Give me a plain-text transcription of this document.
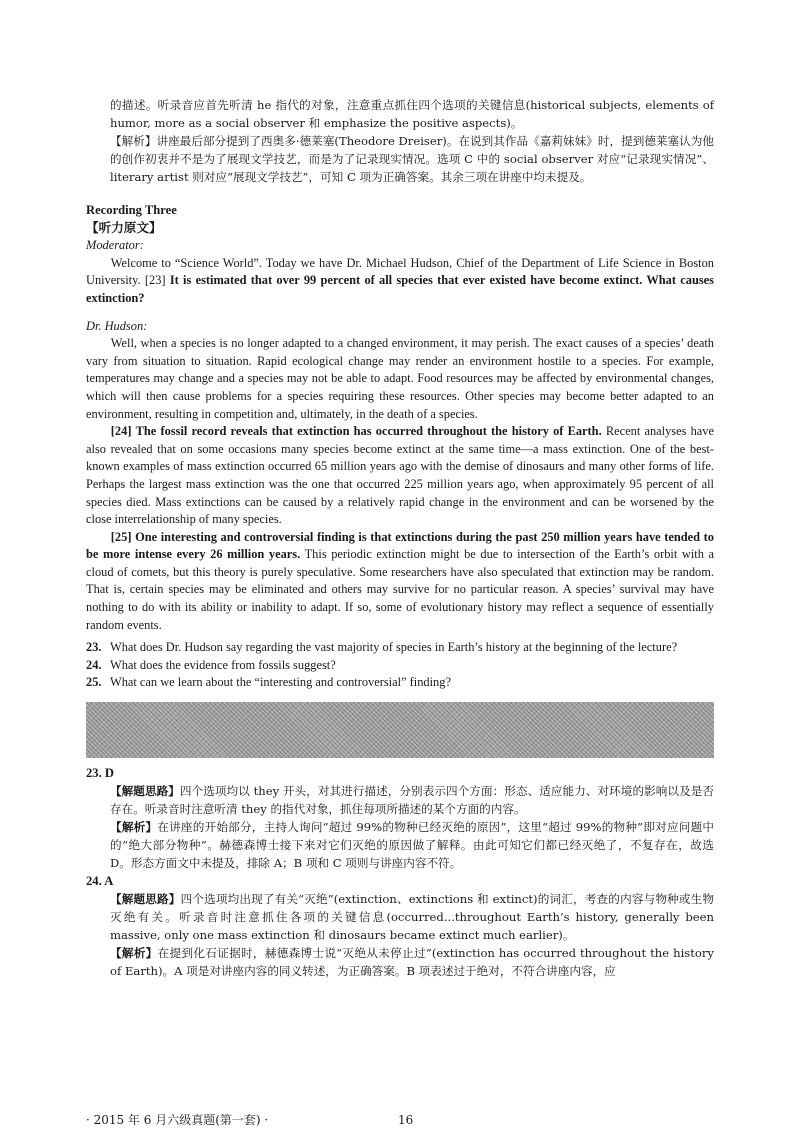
的描述。听录音应首先听清 he 指代的对象，注意重点抓住四个选项的关键信息(historical subjects, elements of humor, more as a social observer 和 emphasize the positive aspects)。

【解析】讲座最后部分提到了西奥多·德莱塞(Theodore Dreiser)。在说到其作品《嘉莉妹妹》时，提到德莱塞认为他的创作初衷并不是为了展现文学技艺，而是为了记录现实情况。选项 C 中的 social observer 对应“记录现实情况”、literary artist 则对应“展现文学技艺”，可知 C 项为正确答案。其余三项在讲座中均未提及。

Recording Three

【听力原文】

Moderator:

Welcome to “Science World”. Today we have Dr. Michael Hudson, Chief of the Department of Life Science in Boston University. [23] It is estimated that over 99 percent of all species that ever existed have become extinct. What causes extinction?

Dr. Hudson:

Well, when a species is no longer adapted to a changed environment, it may perish. The exact causes of a species’ death vary from situation to situation. Rapid ecological change may render an environment hostile to a species. For example, temperatures may change and a species may not be able to adapt. Food resources may be affected by environmental changes, which will then cause problems for a species requiring these resources. Other species may become better adapted to an environment, resulting in competition and, ultimately, in the death of a species.

[24] The fossil record reveals that extinction has occurred throughout the history of Earth. Recent analyses have also revealed that on some occasions many species become extinct at the same time—a mass extinction. One of the best-known examples of mass extinction occurred 65 million years ago with the demise of dinosaurs and many other forms of life. Perhaps the largest mass extinction was the one that occurred 225 million years ago, when approximately 95 percent of all species died. Mass extinctions can be caused by a relatively rapid change in the environment and can be worsened by the close interrelationship of many species.

[25] One interesting and controversial finding is that extinctions during the past 250 million years have tended to be more intense every 26 million years. This periodic extinction might be due to intersection of the Earth’s orbit with a cloud of comets, but this theory is purely speculative. Some researchers have also speculated that extinction may be random. That is, certain species may be eliminated and others may survive for no particular reason. A species’ survival may have nothing to do with its ability or inability to adapt. If so, some of evolutionary history may reflect a sequence of essentially random events.

23. What does Dr. Hudson say regarding the vast majority of species in Earth’s history at the beginning of the lecture?
24. What does the evidence from fossils suggest?
25. What can we learn about the “interesting and controversial” finding?

23. D

【解题思路】四个选项均以 they 开头，对其进行描述，分别表示四个方面：形态、适应能力、对环境的影响以及是否存在。听录音时注意听清 they 的指代对象，抓住每项所描述的某个方面的内容。

【解析】在讲座的开始部分，主持人询问“超过 99%的物种已经灭绝的原因”，这里“超过 99%的物种”即对应问题中的“绝大部分物种”。赫德森博士接下来对它们灭绝的原因做了解释。由此可知它们都已经灭绝了，不复存在，故选 D。形态方面文中未提及，排除 A；B 项和 C 项则与讲座内容不符。

24. A

【解题思路】四个选项均出现了有关“灭绝”(extinction、extinctions 和 extinct)的词汇，考查的内容与物种或生物灭绝有关。听录音时注意抓住各项的关键信息(occurred...throughout Earth’s history, generally been massive, only one mass extinction 和 dinosaurs became extinct much earlier)。

【解析】在提到化石证据时，赫德森博士说“灭绝从未停止过”(extinction has occurred throughout the history of Earth)。A 项是对讲座内容的同义转述，为正确答案。B 项表述过于绝对，不符合讲座内容，应

· 2015 年 6 月六级真题(第一套) ·	16
